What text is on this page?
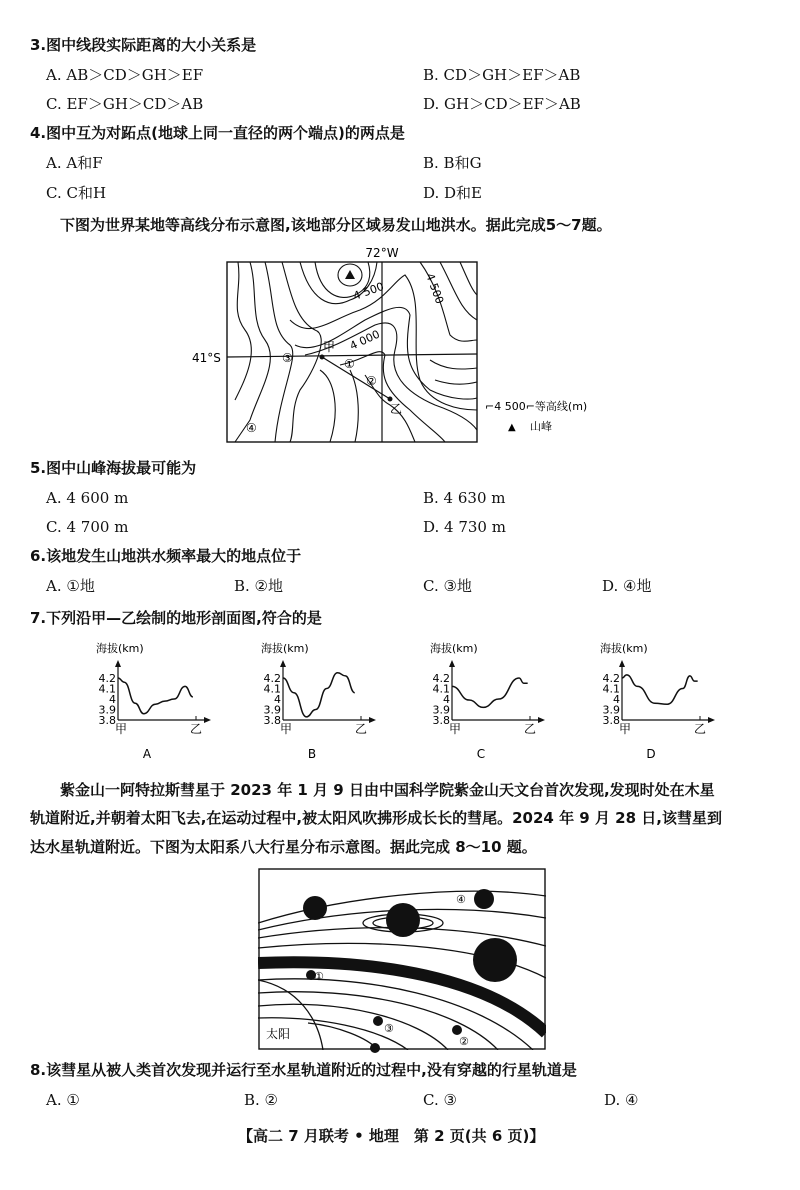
3.图中线段实际距离的大小关系是
A. AB＞CD＞GH＞EF	B. CD＞GH＞EF＞AB
C. EF＞GH＞CD＞AB	D. GH＞CD＞EF＞AB
4.图中互为对跖点(地球上同一直径的两个端点)的两点是
A. A和F	B. B和G
C. C和H	D. D和E
下图为世界某地等高线分布示意图,该地部分区域易发山地洪水。据此完成5～7题。
72°W
41°S
4 500	4 500
4 000
甲
乙
①
②
③
④
⌐4 500⌐等高线(m)
▲ 山峰
5.图中山峰海拔最可能为
A. 4 600 m	B. 4 630 m
C. 4 700 m	D. 4 730 m
6.该地发生山地洪水频率最大的地点位于
A. ①地	B. ②地	C. ③地	D. ④地
7.下列沿甲—乙绘制的地形剖面图,符合的是
海拔(km)
4.2
4.1
4
3.9
3.8
甲	乙
A
海拔(km)
4.2
4.1
4
3.9
3.8
甲	乙
B
海拔(km)
4.2
4.1
4
3.9
3.8
甲	乙
C
海拔(km)
4.2
4.1
4
3.9
3.8
甲	乙
D
紫金山一阿特拉斯彗星于 2023 年 1 月 9 日由中国科学院紫金山天文台首次发现,发现时处在木星
轨道附近,并朝着太阳飞去,在运动过程中,被太阳风吹拂形成长长的彗尾。2024 年 9 月 28 日,该彗星到
达水星轨道附近。下图为太阳系八大行星分布示意图。据此完成 8～10 题。
④
①
③
②
太阳
8.该彗星从被人类首次发现并运行至水星轨道附近的过程中,没有穿越的行星轨道是
A. ①	B. ②	C. ③	D. ④
【高二 7 月联考 • 地理　第 2 页(共 6 页)】
